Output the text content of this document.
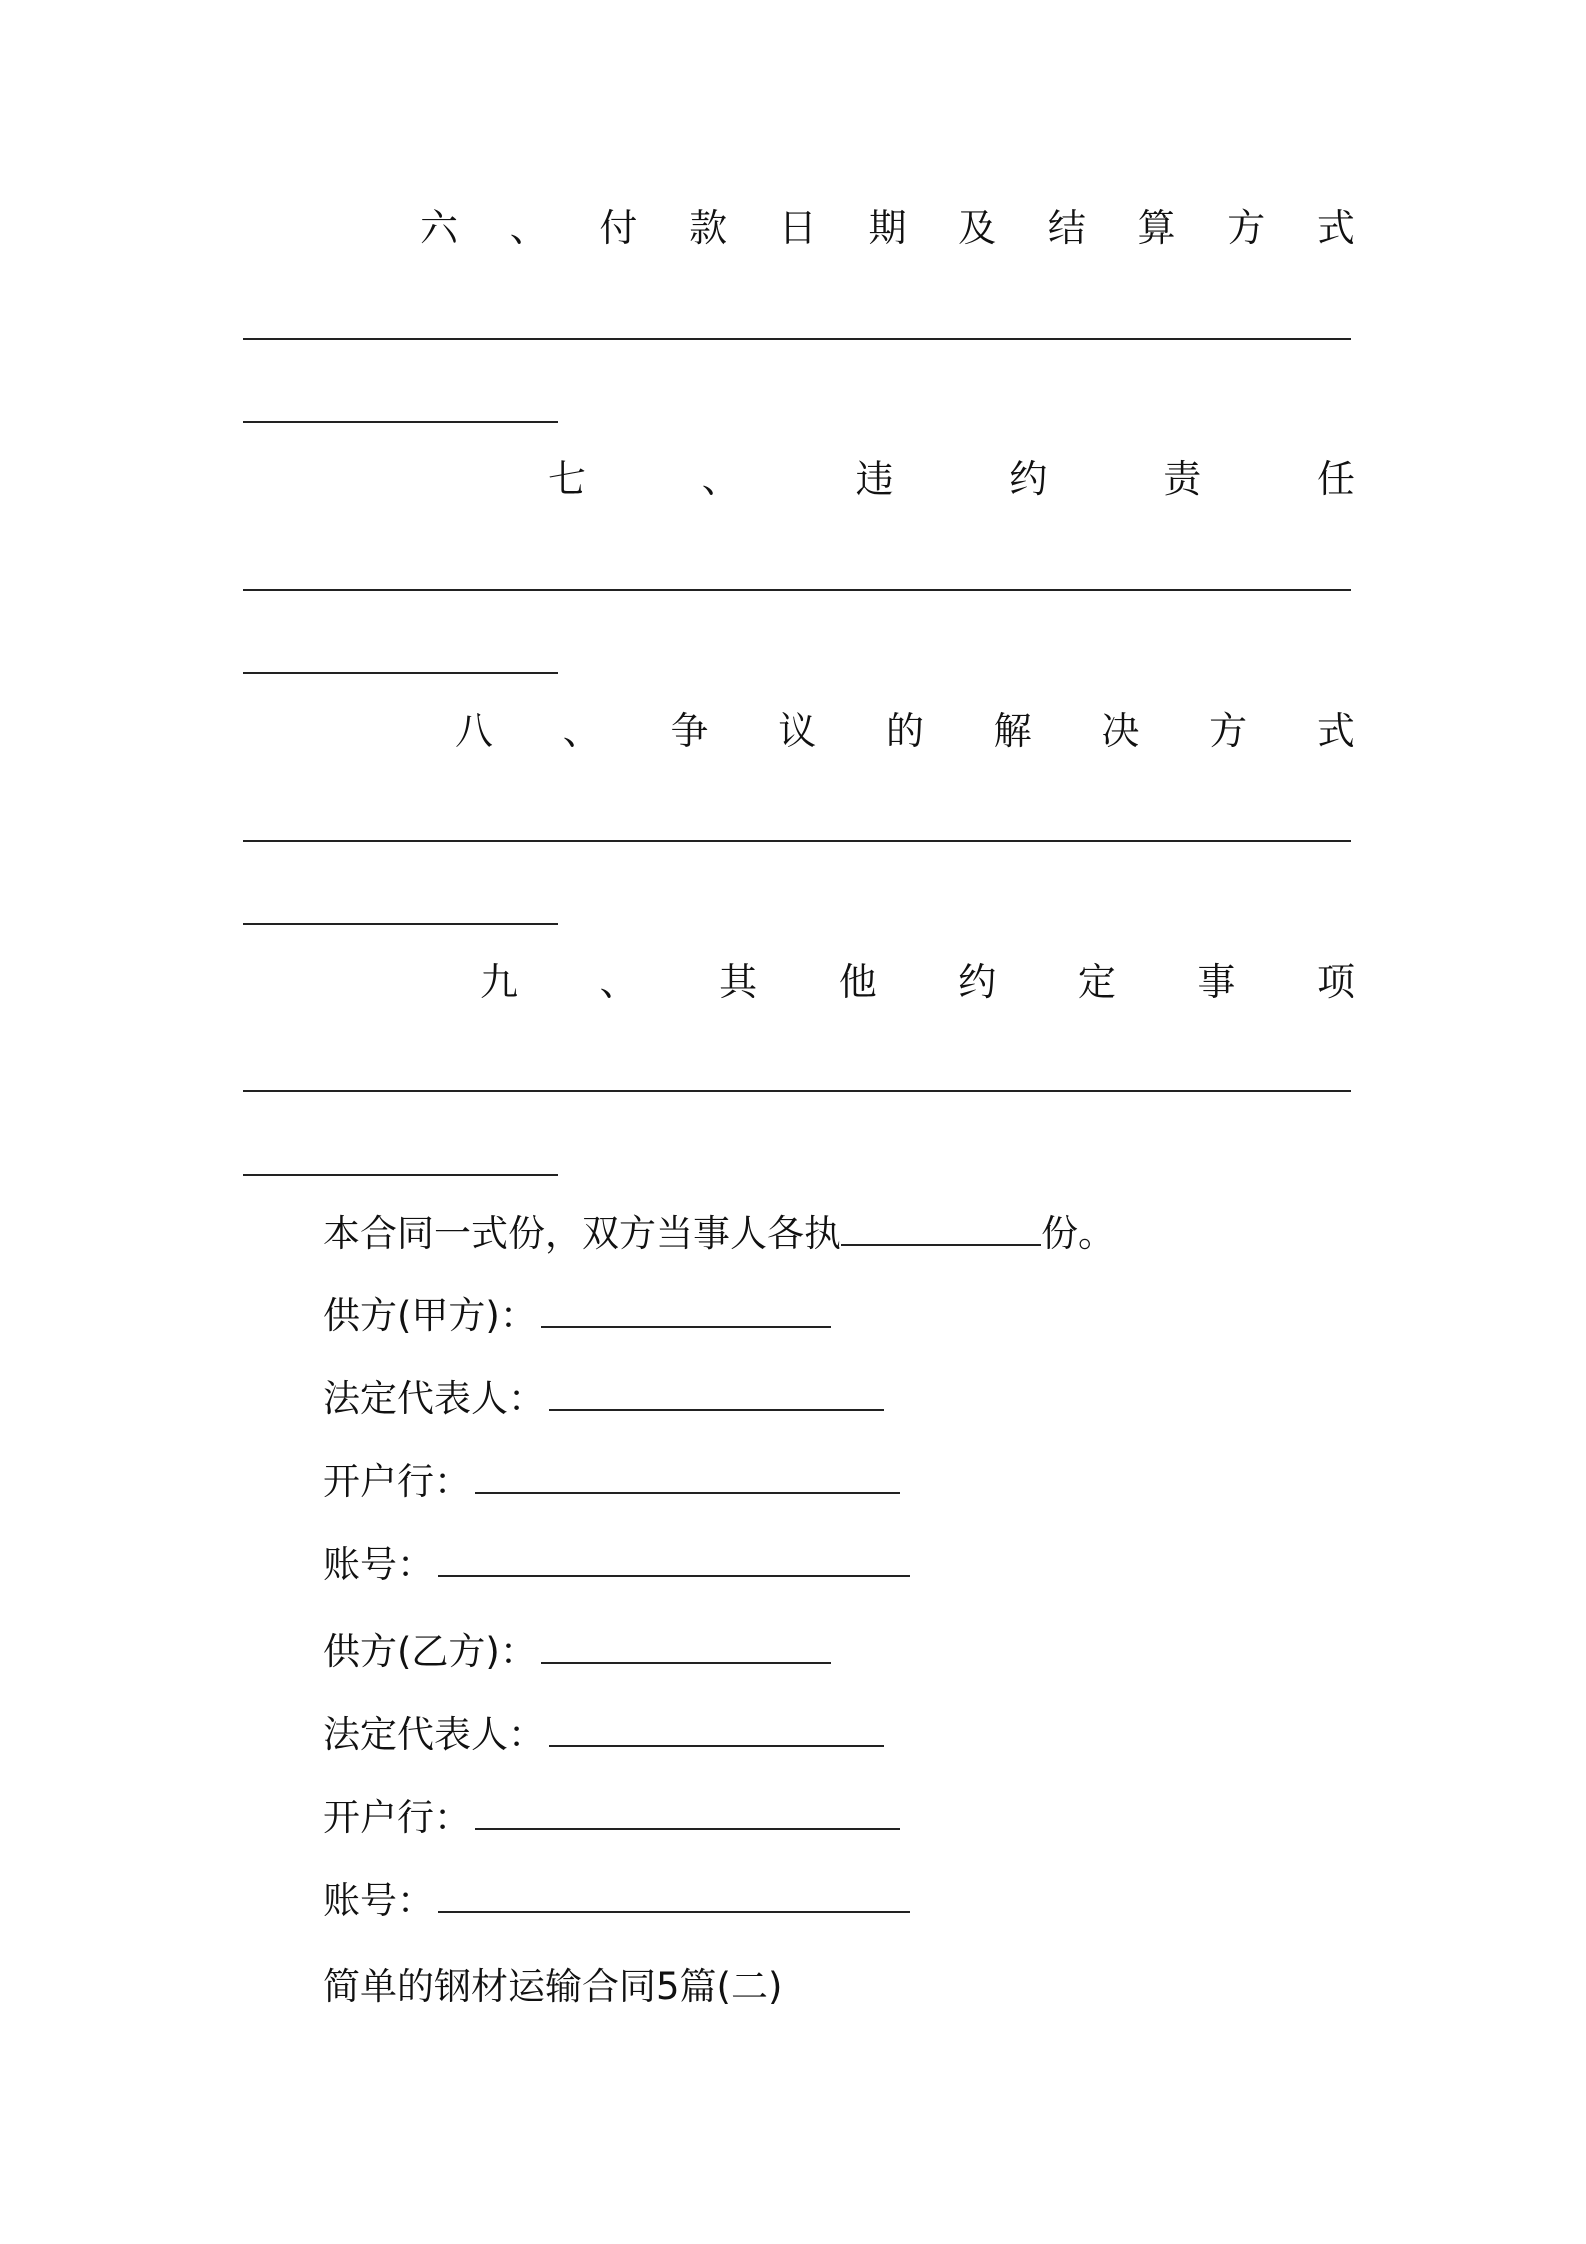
六 、 付 款 日 期 及 结 算 方 式
七	、	违	约	责	任
八 、 争 议 的 解 决 方 式
九 、 其 他 约 定 事 项
本合同一式份，双方当事人各执	份。
供方(甲方)：
法定代表人：
开户行：
账号：
供方(乙方)：
法定代表人：
开户行：
账号：
简单的钢材运输合同5篇(二)
